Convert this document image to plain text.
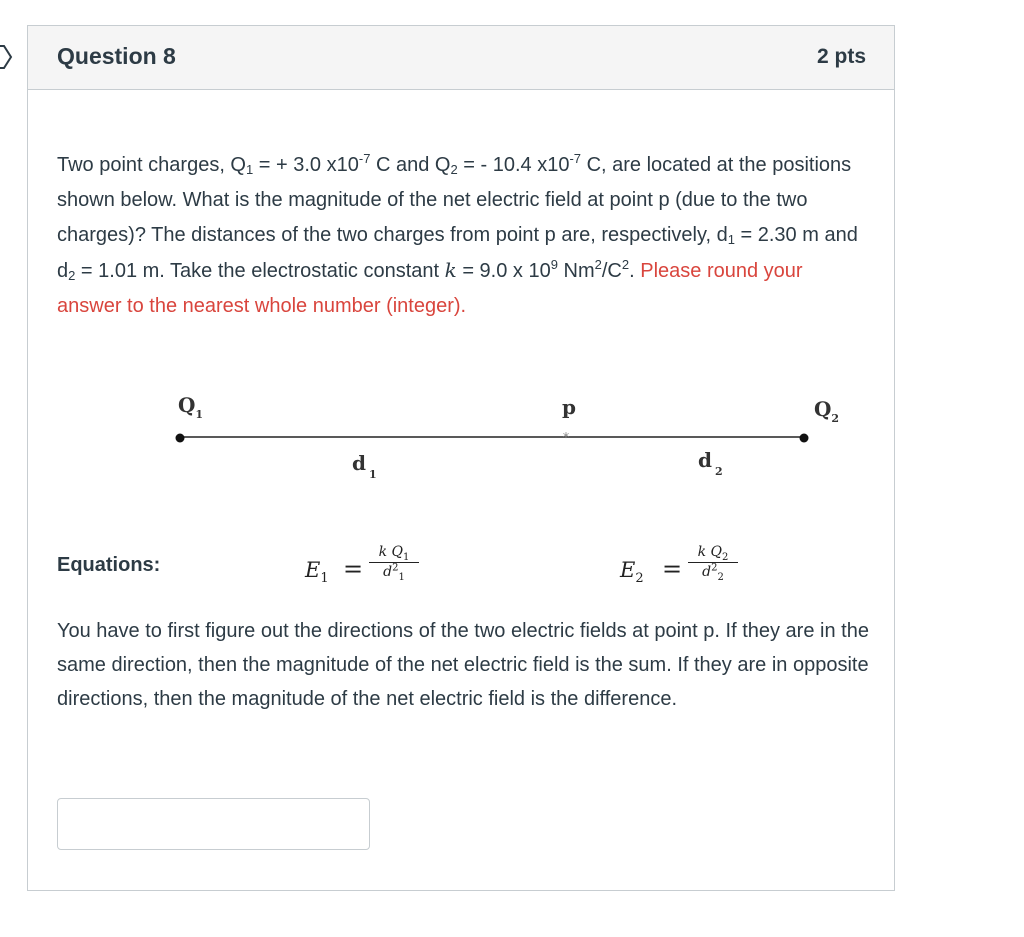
Question 8	2 pts
Two point charges, $Q_1$ = + 3.0 $x10^{-7}$ C and $Q_2$ = - 10.4 $x10^{-7}$ C, are located at the positions shown below. What is the magnitude of the net electric field at point p (due to the two charges)? The distances of the two charges from point p are, respectively, $d_1 = 2.30$ m and $d_2 = 1.01$ m. Take the electrostatic constant k = 9.0 x $10^9$ $Nm^2/C^2$. Please round your answer to the nearest whole number (integer).
*
$Q_1$	p	$Q_2$
d $_1$
d $_2$
Equations:	$E_1 = \frac{k Q_1}{d^2_1}$	$E_2 = \frac{k Q_2}{d^2_2}$
You have to first figure out the directions of the two electric fields at point p. If they are in the same direction, then the magnitude of the net electric field is the sum. If they are in opposite directions, then the magnitude of the net electric field is the difference.
